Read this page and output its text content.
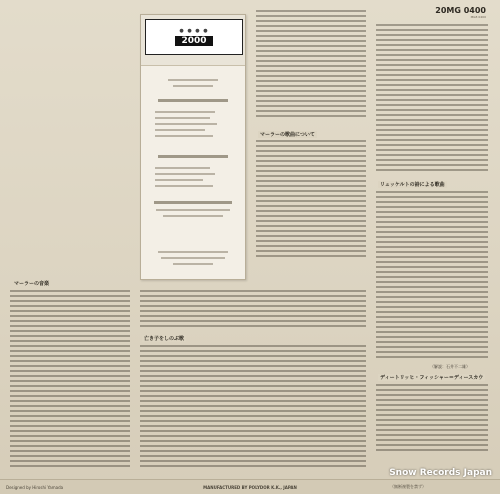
20MG 0400
MG8 0400
● ● ● ●
2000
マーラーの音楽
マーラーの歌曲について
亡き子をしのぶ歌
リュッケルトの詩による歌曲
（解説：石井不二雄）
ディートリッヒ・フィッシャー＝ディースカウ
Snow Records Japan
Designed by Hiroshi Yamada	MANUFACTURED BY POLYDOR K.K., JAPAN	（無断複製を禁ず）
